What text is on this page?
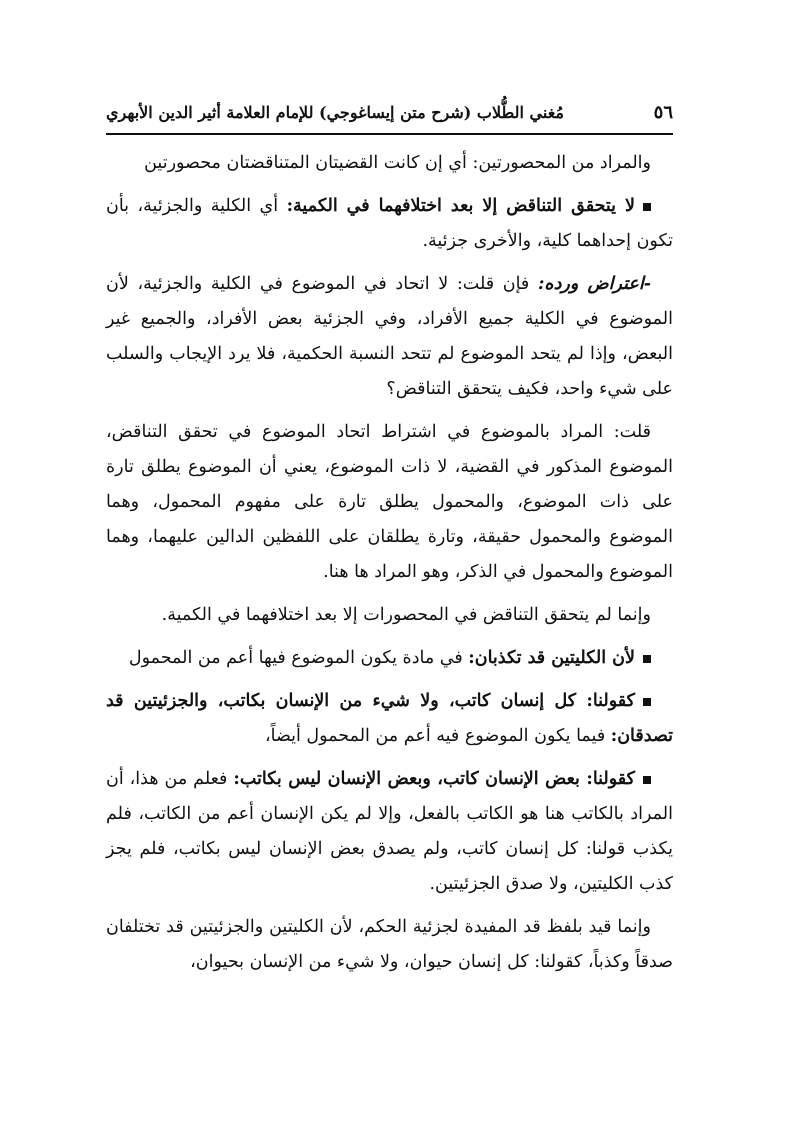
٥٦
مُغني الطُّلاب (شرح متن إيساغوجي) للإمام العلامة أثير الدين الأبهري

والمراد من المحصورتين: أي إن كانت القضيتان المتناقضتان محصورتين

لا يتحقق التناقض إلا بعد اختلافهما في الكمية: أي الكلية والجزئية، بأن تكون إحداهما كلية، والأخرى جزئية.

-اعتراض ورده: فإن قلت: لا اتحاد في الموضوع في الكلية والجزئية، لأن الموضوع في الكلية جميع الأفراد، وفي الجزئية بعض الأفراد، والجميع غير البعض، وإذا لم يتحد الموضوع لم تتحد النسبة الحكمية، فلا يرد الإيجاب والسلب على شيء واحد، فكيف يتحقق التناقض؟

قلت: المراد بالموضوع في اشتراط اتحاد الموضوع في تحقق التناقض، الموضوع المذكور في القضية، لا ذات الموضوع، يعني أن الموضوع يطلق تارة على ذات الموضوع، والمحمول يطلق تارة على مفهوم المحمول، وهما الموضوع والمحمول حقيقة، وتارة يطلقان على اللفظين الدالين عليهما، وهما الموضوع والمحمول في الذكر، وهو المراد ها هنا.

وإنما لم يتحقق التناقض في المحصورات إلا بعد اختلافهما في الكمية.

لأن الكليتين قد تكذبان: في مادة يكون الموضوع فيها أعم من المحمول

كقولنا: كل إنسان كاتب، ولا شيء من الإنسان بكاتب، والجزئيتين قد تصدقان: فيما يكون الموضوع فيه أعم من المحمول أيضاً،

كقولنا: بعض الإنسان كاتب، وبعض الإنسان ليس بكاتب: فعلم من هذا، أن المراد بالكاتب هنا هو الكاتب بالفعل، وإلا لم يكن الإنسان أعم من الكاتب، فلم يكذب قولنا: كل إنسان كاتب، ولم يصدق بعض الإنسان ليس بكاتب، فلم يجز كذب الكليتين، ولا صدق الجزئيتين.

وإنما قيد بلفظ قد المفيدة لجزئية الحكم، لأن الكليتين والجزئيتين قد تختلفان صدقاً وكذباً، كقولنا: كل إنسان حيوان، ولا شيء من الإنسان بحيوان،
